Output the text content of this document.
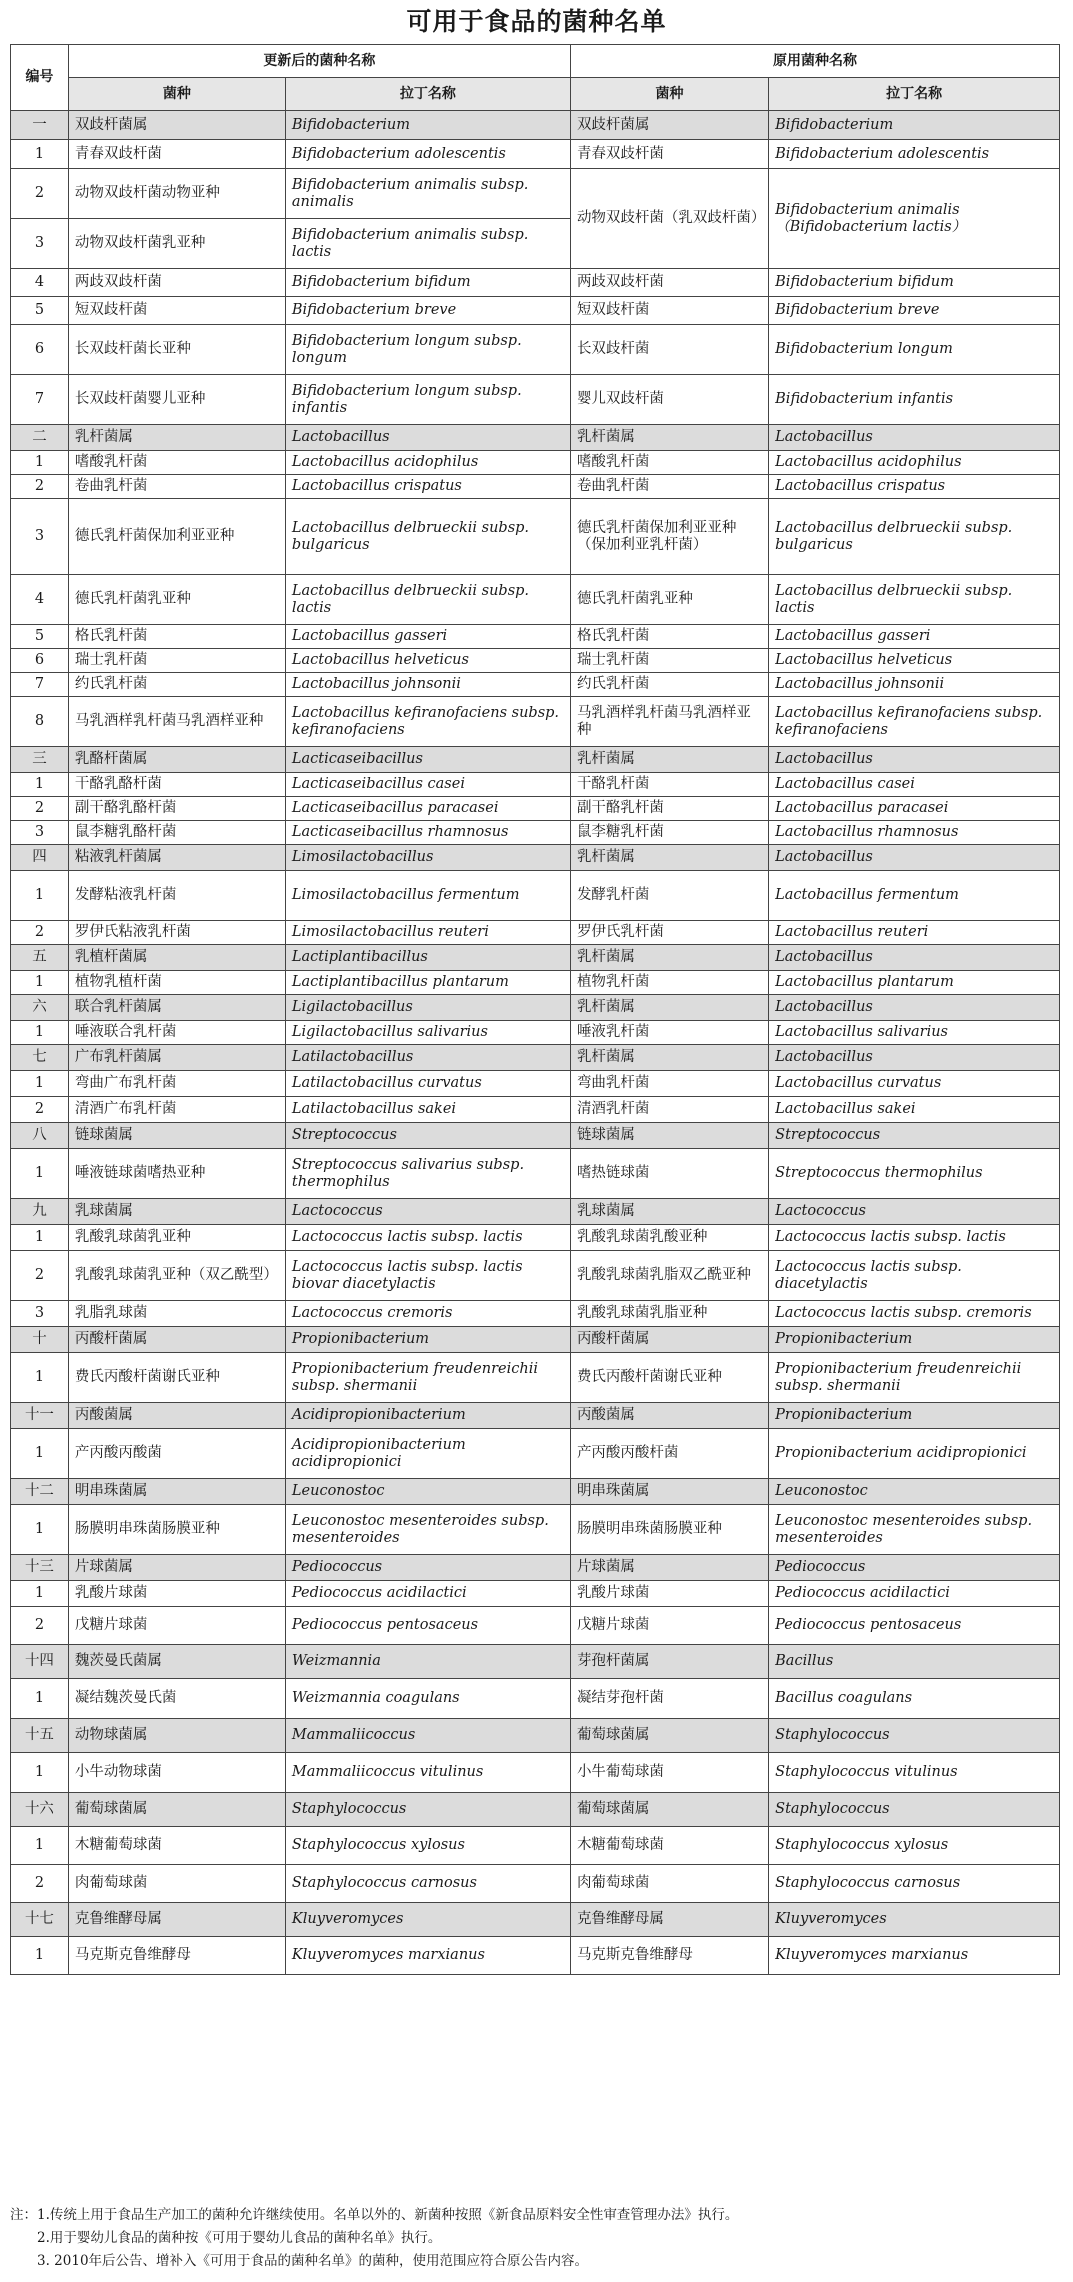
可用于食品的菌种名单
编号	更新后的菌种名称		原用菌种名称	
	菌种	拉丁名称	菌种	拉丁名称
一	双歧杆菌属	Bifidobacterium	双歧杆菌属	Bifidobacterium
1	青春双歧杆菌	Bifidobacterium adolescentis	青春双歧杆菌	Bifidobacterium adolescentis
2	动物双歧杆菌动物亚种	Bifidobacterium animalis subsp. animalis	动物双歧杆菌（乳双歧杆菌）	Bifidobacterium animalis （Bifidobacterium lactis）
3	动物双歧杆菌乳亚种	Bifidobacterium animalis subsp. lactis		
4	两歧双歧杆菌	Bifidobacterium bifidum	两歧双歧杆菌	Bifidobacterium bifidum
5	短双歧杆菌	Bifidobacterium breve	短双歧杆菌	Bifidobacterium breve
6	长双歧杆菌长亚种	Bifidobacterium longum subsp. longum	长双歧杆菌	Bifidobacterium longum
7	长双歧杆菌婴儿亚种	Bifidobacterium longum subsp. infantis	婴儿双歧杆菌	Bifidobacterium infantis
二	乳杆菌属	Lactobacillus	乳杆菌属	Lactobacillus
1	嗜酸乳杆菌	Lactobacillus acidophilus	嗜酸乳杆菌	Lactobacillus acidophilus
2	卷曲乳杆菌	Lactobacillus crispatus	卷曲乳杆菌	Lactobacillus crispatus
3	德氏乳杆菌保加利亚亚种	Lactobacillus delbrueckii subsp. bulgaricus	德氏乳杆菌保加利亚亚种（保加利亚乳杆菌）	Lactobacillus delbrueckii subsp. bulgaricus
4	德氏乳杆菌乳亚种	Lactobacillus delbrueckii subsp. lactis	德氏乳杆菌乳亚种	Lactobacillus delbrueckii subsp. lactis
5	格氏乳杆菌	Lactobacillus gasseri	格氏乳杆菌	Lactobacillus gasseri
6	瑞士乳杆菌	Lactobacillus helveticus	瑞士乳杆菌	Lactobacillus helveticus
7	约氏乳杆菌	Lactobacillus johnsonii	约氏乳杆菌	Lactobacillus johnsonii
8	马乳酒样乳杆菌马乳酒样亚种	Lactobacillus kefiranofaciens subsp. kefiranofaciens	马乳酒样乳杆菌马乳酒样亚种	Lactobacillus kefiranofaciens subsp. kefiranofaciens
三	乳酪杆菌属	Lacticaseibacillus	乳杆菌属	Lactobacillus
1	干酪乳酪杆菌	Lacticaseibacillus casei	干酪乳杆菌	Lactobacillus casei
2	副干酪乳酪杆菌	Lacticaseibacillus paracasei	副干酪乳杆菌	Lactobacillus paracasei
3	鼠李糖乳酪杆菌	Lacticaseibacillus rhamnosus	鼠李糖乳杆菌	Lactobacillus rhamnosus
四	粘液乳杆菌属	Limosilactobacillus	乳杆菌属	Lactobacillus
1	发酵粘液乳杆菌	Limosilactobacillus fermentum	发酵乳杆菌	Lactobacillus fermentum
2	罗伊氏粘液乳杆菌	Limosilactobacillus reuteri	罗伊氏乳杆菌	Lactobacillus reuteri
五	乳植杆菌属	Lactiplantibacillus	乳杆菌属	Lactobacillus
1	植物乳植杆菌	Lactiplantibacillus plantarum	植物乳杆菌	Lactobacillus plantarum
六	联合乳杆菌属	Ligilactobacillus	乳杆菌属	Lactobacillus
1	唾液联合乳杆菌	Ligilactobacillus salivarius	唾液乳杆菌	Lactobacillus salivarius
七	广布乳杆菌属	Latilactobacillus	乳杆菌属	Lactobacillus
1	弯曲广布乳杆菌	Latilactobacillus curvatus	弯曲乳杆菌	Lactobacillus curvatus
2	清酒广布乳杆菌	Latilactobacillus sakei	清酒乳杆菌	Lactobacillus sakei
八	链球菌属	Streptococcus	链球菌属	Streptococcus
1	唾液链球菌嗜热亚种	Streptococcus salivarius subsp. thermophilus	嗜热链球菌	Streptococcus thermophilus
九	乳球菌属	Lactococcus	乳球菌属	Lactococcus
1	乳酸乳球菌乳亚种	Lactococcus lactis subsp. lactis	乳酸乳球菌乳酸亚种	Lactococcus lactis subsp. lactis
2	乳酸乳球菌乳亚种（双乙酰型）	Lactococcus lactis subsp. lactis biovar diacetylactis	乳酸乳球菌乳脂双乙酰亚种	Lactococcus lactis subsp. diacetylactis
3	乳脂乳球菌	Lactococcus cremoris	乳酸乳球菌乳脂亚种	Lactococcus lactis subsp. cremoris
十	丙酸杆菌属	Propionibacterium	丙酸杆菌属	Propionibacterium
1	费氏丙酸杆菌谢氏亚种	Propionibacterium freudenreichii subsp. shermanii	费氏丙酸杆菌谢氏亚种	Propionibacterium freudenreichii subsp. shermanii
十一	丙酸菌属	Acidipropionibacterium	丙酸菌属	Propionibacterium
1	产丙酸丙酸菌	Acidipropionibacterium acidipropionici	产丙酸丙酸杆菌	Propionibacterium acidipropionici
十二	明串珠菌属	Leuconostoc	明串珠菌属	Leuconostoc
1	肠膜明串珠菌肠膜亚种	Leuconostoc mesenteroides subsp. mesenteroides	肠膜明串珠菌肠膜亚种	Leuconostoc mesenteroides subsp. mesenteroides
十三	片球菌属	Pediococcus	片球菌属	Pediococcus
1	乳酸片球菌	Pediococcus acidilactici	乳酸片球菌	Pediococcus acidilactici
2	戊糖片球菌	Pediococcus pentosaceus	戊糖片球菌	Pediococcus pentosaceus
十四	魏茨曼氏菌属	Weizmannia	芽孢杆菌属	Bacillus
1	凝结魏茨曼氏菌	Weizmannia coagulans	凝结芽孢杆菌	Bacillus coagulans
十五	动物球菌属	Mammaliicoccus	葡萄球菌属	Staphylococcus
1	小牛动物球菌	Mammaliicoccus vitulinus	小牛葡萄球菌	Staphylococcus vitulinus
十六	葡萄球菌属	Staphylococcus	葡萄球菌属	Staphylococcus
1	木糖葡萄球菌	Staphylococcus xylosus	木糖葡萄球菌	Staphylococcus xylosus
2	肉葡萄球菌	Staphylococcus carnosus	肉葡萄球菌	Staphylococcus carnosus
十七	克鲁维酵母属	Kluyveromyces	克鲁维酵母属	Kluyveromyces
1	马克斯克鲁维酵母	Kluyveromyces marxianus	马克斯克鲁维酵母	Kluyveromyces marxianus
注：1.传统上用于食品生产加工的菌种允许继续使用。名单以外的、新菌种按照《新食品原料安全性审查管理办法》执行。
2.用于婴幼儿食品的菌种按《可用于婴幼儿食品的菌种名单》执行。
3. 2010年后公告、增补入《可用于食品的菌种名单》的菌种，使用范围应符合原公告内容。
